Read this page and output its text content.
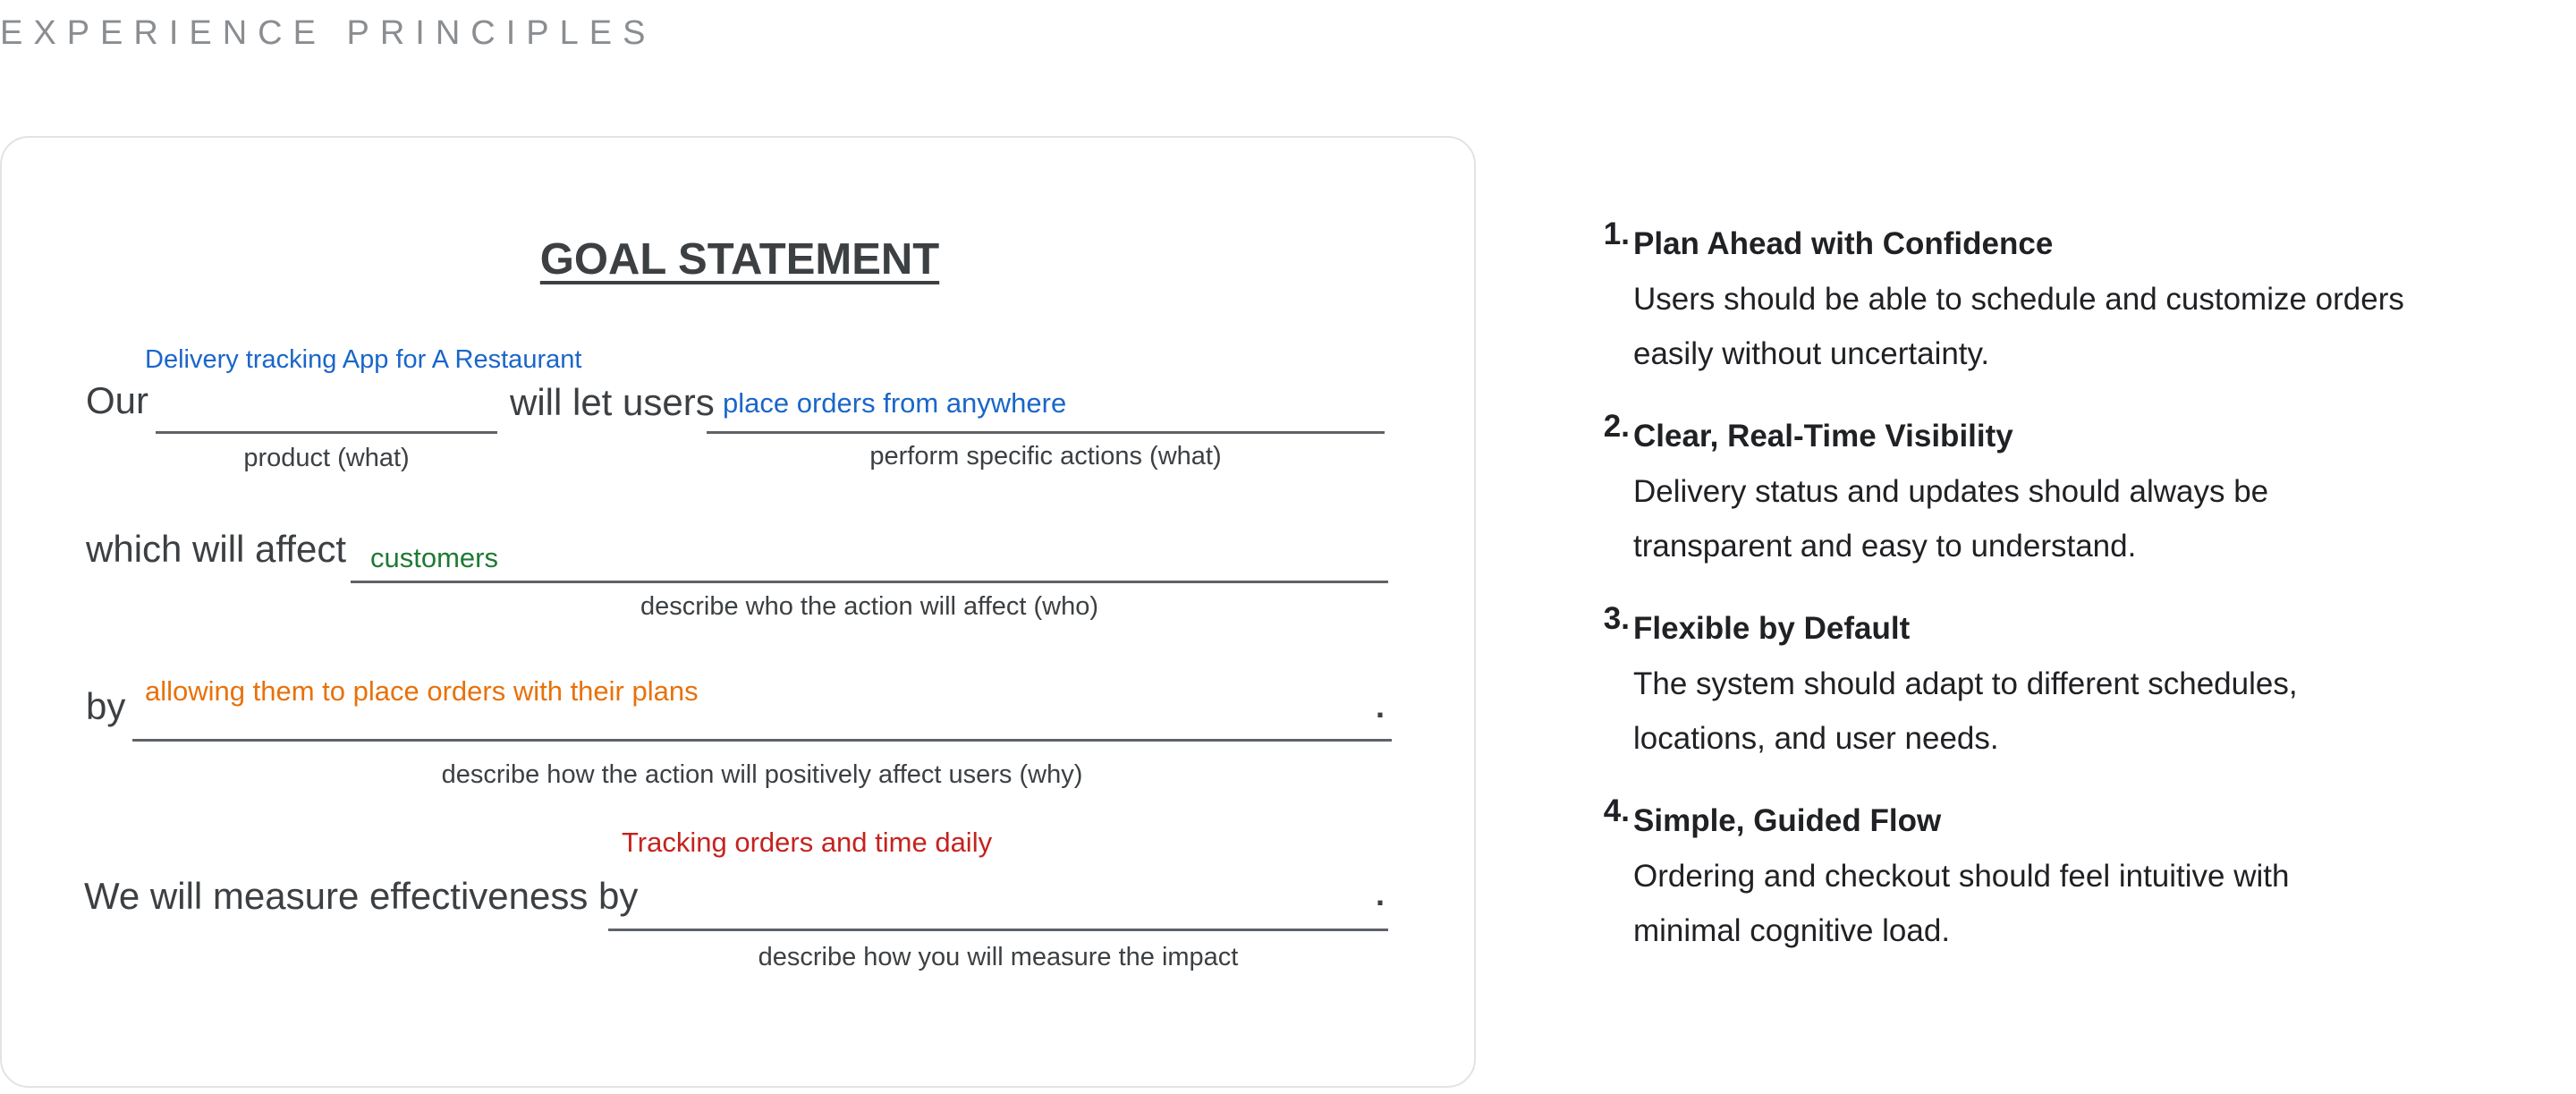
EXPERIENCE PRINCIPLES
GOAL STATEMENT
Our
Delivery tracking App for A Restaurant
product (what)
will let users place orders from anywhere
perform specific actions (what)
which will affect customers
describe who the action will affect (who)
by allowing them to place orders with their plans	.
describe how the action will positively affect users (why)
Tracking orders and time daily
We will measure effectiveness by	.
describe how you will measure the impact
1. Plan Ahead with Confidence
Users should be able to schedule and customize orders easily without uncertainty.
2. Clear, Real-Time Visibility
Delivery status and updates should always be transparent and easy to understand.
3. Flexible by Default
The system should adapt to different schedules, locations, and user needs.
4. Simple, Guided Flow
Ordering and checkout should feel intuitive with minimal cognitive load.
